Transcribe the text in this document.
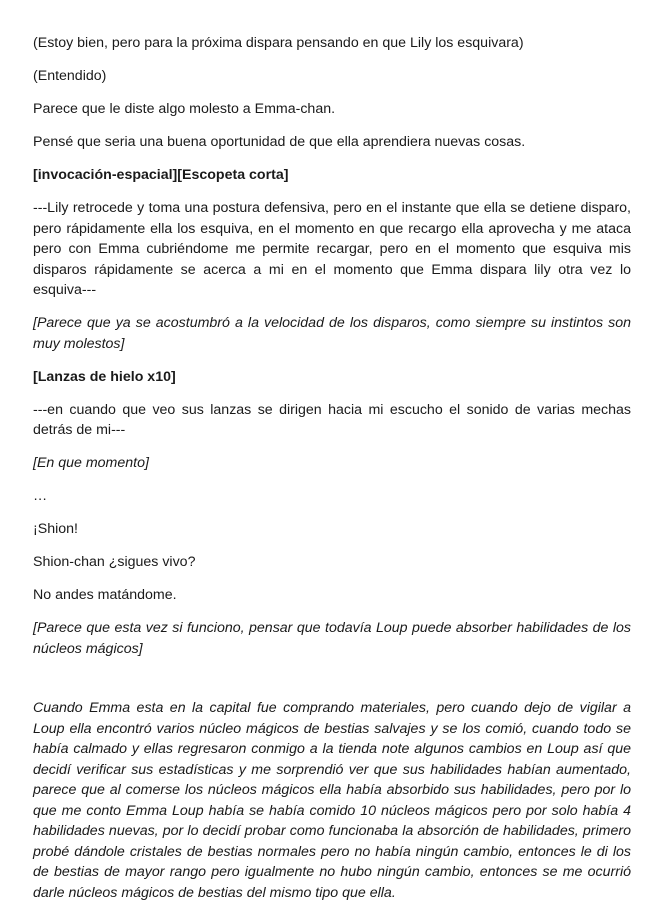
(Estoy bien, pero para la próxima dispara pensando en que Lily los esquivara)

(Entendido)

Parece que le diste algo molesto a Emma-chan.

Pensé que seria una buena oportunidad de que ella aprendiera nuevas cosas.

[invocación-espacial][Escopeta corta]

---Lily retrocede y toma una postura defensiva, pero en el instante que ella se detiene disparo, pero rápidamente ella los esquiva, en el momento en que recargo ella aprovecha y me ataca pero con Emma cubriéndome me permite recargar, pero en el momento que esquiva mis disparos rápidamente se acerca a mi en el momento que Emma dispara lily otra vez lo esquiva---

[Parece que ya se acostumbró a la velocidad de los disparos, como siempre su instintos son muy molestos]

[Lanzas de hielo x10]

---en cuando que veo sus lanzas se dirigen hacia mi escucho el sonido de varias mechas detrás de mi---

[En que momento]

…

¡Shion!

Shion-chan ¿sigues vivo?

No andes matándome.

[Parece que esta vez si funciono, pensar que todavía Loup puede absorber habilidades de los núcleos mágicos]

Cuando Emma esta en la capital fue comprando materiales, pero cuando dejo de vigilar a Loup ella encontró varios núcleo mágicos de bestias salvajes y se los comió, cuando todo se había calmado y ellas regresaron conmigo a la tienda note algunos cambios en Loup así que decidí verificar sus estadísticas y me sorprendió ver que sus habilidades habían aumentado, parece que al comerse los núcleos mágicos ella había absorbido sus habilidades, pero por lo que me conto Emma Loup había se había comido 10 núcleos mágicos pero por solo había 4 habilidades nuevas, por lo decidí probar como funcionaba la absorción de habilidades, primero probé dándole cristales de bestias normales pero no había ningún cambio, entonces le di los de bestias de mayor rango pero igualmente no hubo ningún cambio, entonces se me ocurrió darle núcleos mágicos de bestias del mismo tipo que ella.
